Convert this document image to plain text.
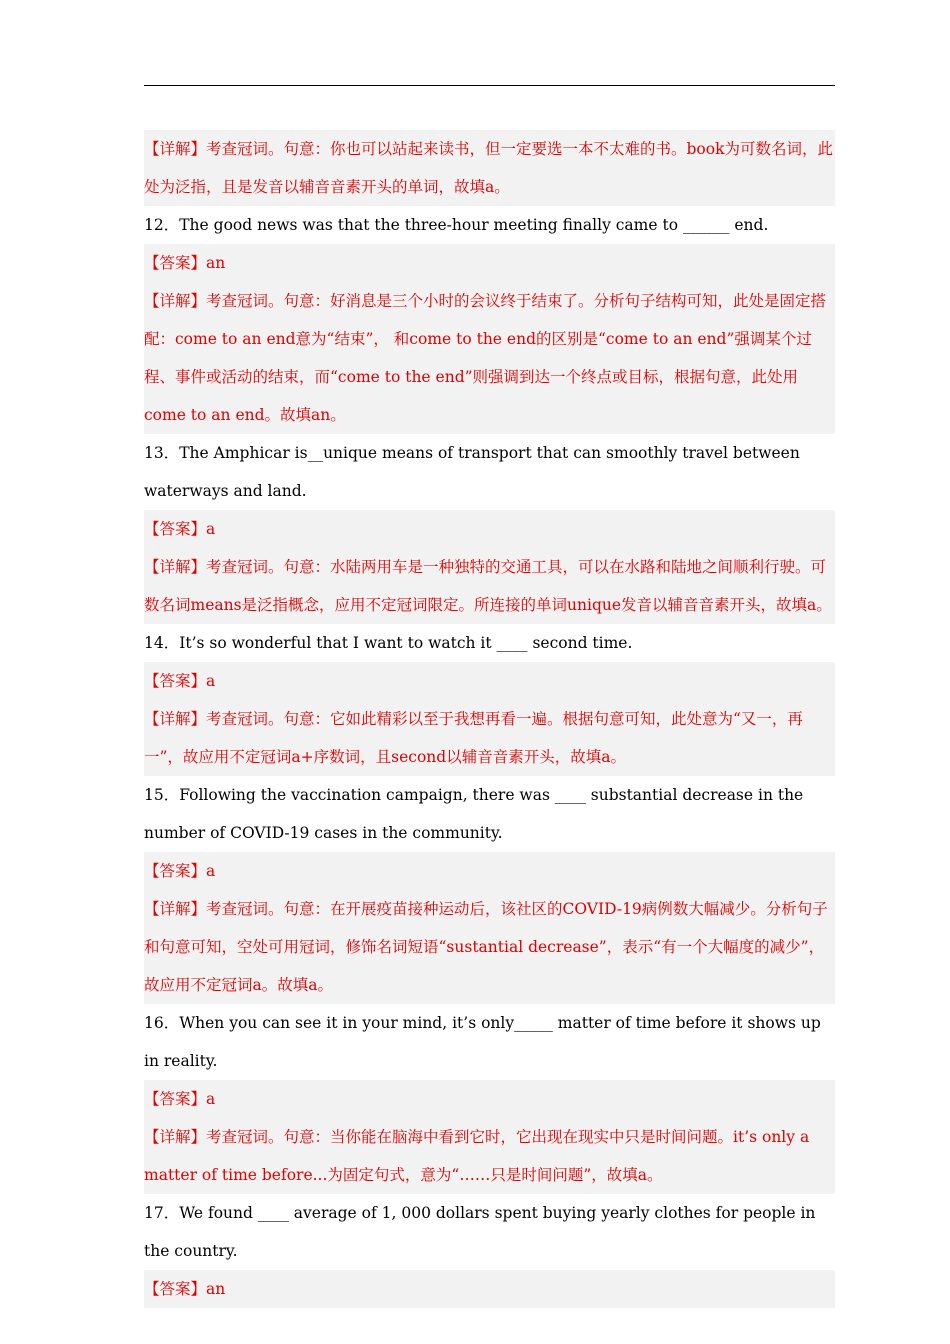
【详解】考查冠词。句意：你也可以站起来读书，但一定要选一本不太难的书。book为可数名词，此处为泛指，且是发音以辅音音素开头的单词，故填a。
12．The good news was that the three-hour meeting finally came to ______ end.
【答案】an
【详解】考查冠词。句意：好消息是三个小时的会议终于结束了。分析句子结构可知，此处是固定搭配：come to an end意为“结束”， 和come to the end的区别是“come to an end”强调某个过程、事件或活动的结束，而“come to the end”则强调到达一个终点或目标，根据句意，此处用come to an end。故填an。
13．The Amphicar is__unique means of transport that can smoothly travel between waterways and land.
【答案】a
【详解】考查冠词。句意：水陆两用车是一种独特的交通工具，可以在水路和陆地之间顺利行驶。可数名词means是泛指概念，应用不定冠词限定。所连接的单词unique发音以辅音音素开头，故填a。
14．It’s so wonderful that I want to watch it ____ second time.
【答案】a
【详解】考查冠词。句意：它如此精彩以至于我想再看一遍。根据句意可知，此处意为“又一，再一”，故应用不定冠词a+序数词，且second以辅音音素开头，故填a。
15．Following the vaccination campaign, there was ____ substantial decrease in the number of COVID-19 cases in the community.
【答案】a
【详解】考查冠词。句意：在开展疫苗接种运动后，该社区的COVID-19病例数大幅减少。分析句子和句意可知，空处可用冠词，修饰名词短语“sustantial decrease”，表示“有一个大幅度的减少”，故应用不定冠词a。故填a。
16．When you can see it in your mind, it’s only_____ matter of time before it shows up in reality.
【答案】a
【详解】考查冠词。句意：当你能在脑海中看到它时，它出现在现实中只是时间问题。it’s only a matter of time before...为固定句式，意为“……只是时间问题”，故填a。
17．We found ____ average of 1, 000 dollars spent buying yearly clothes for people in the country.
【答案】an
